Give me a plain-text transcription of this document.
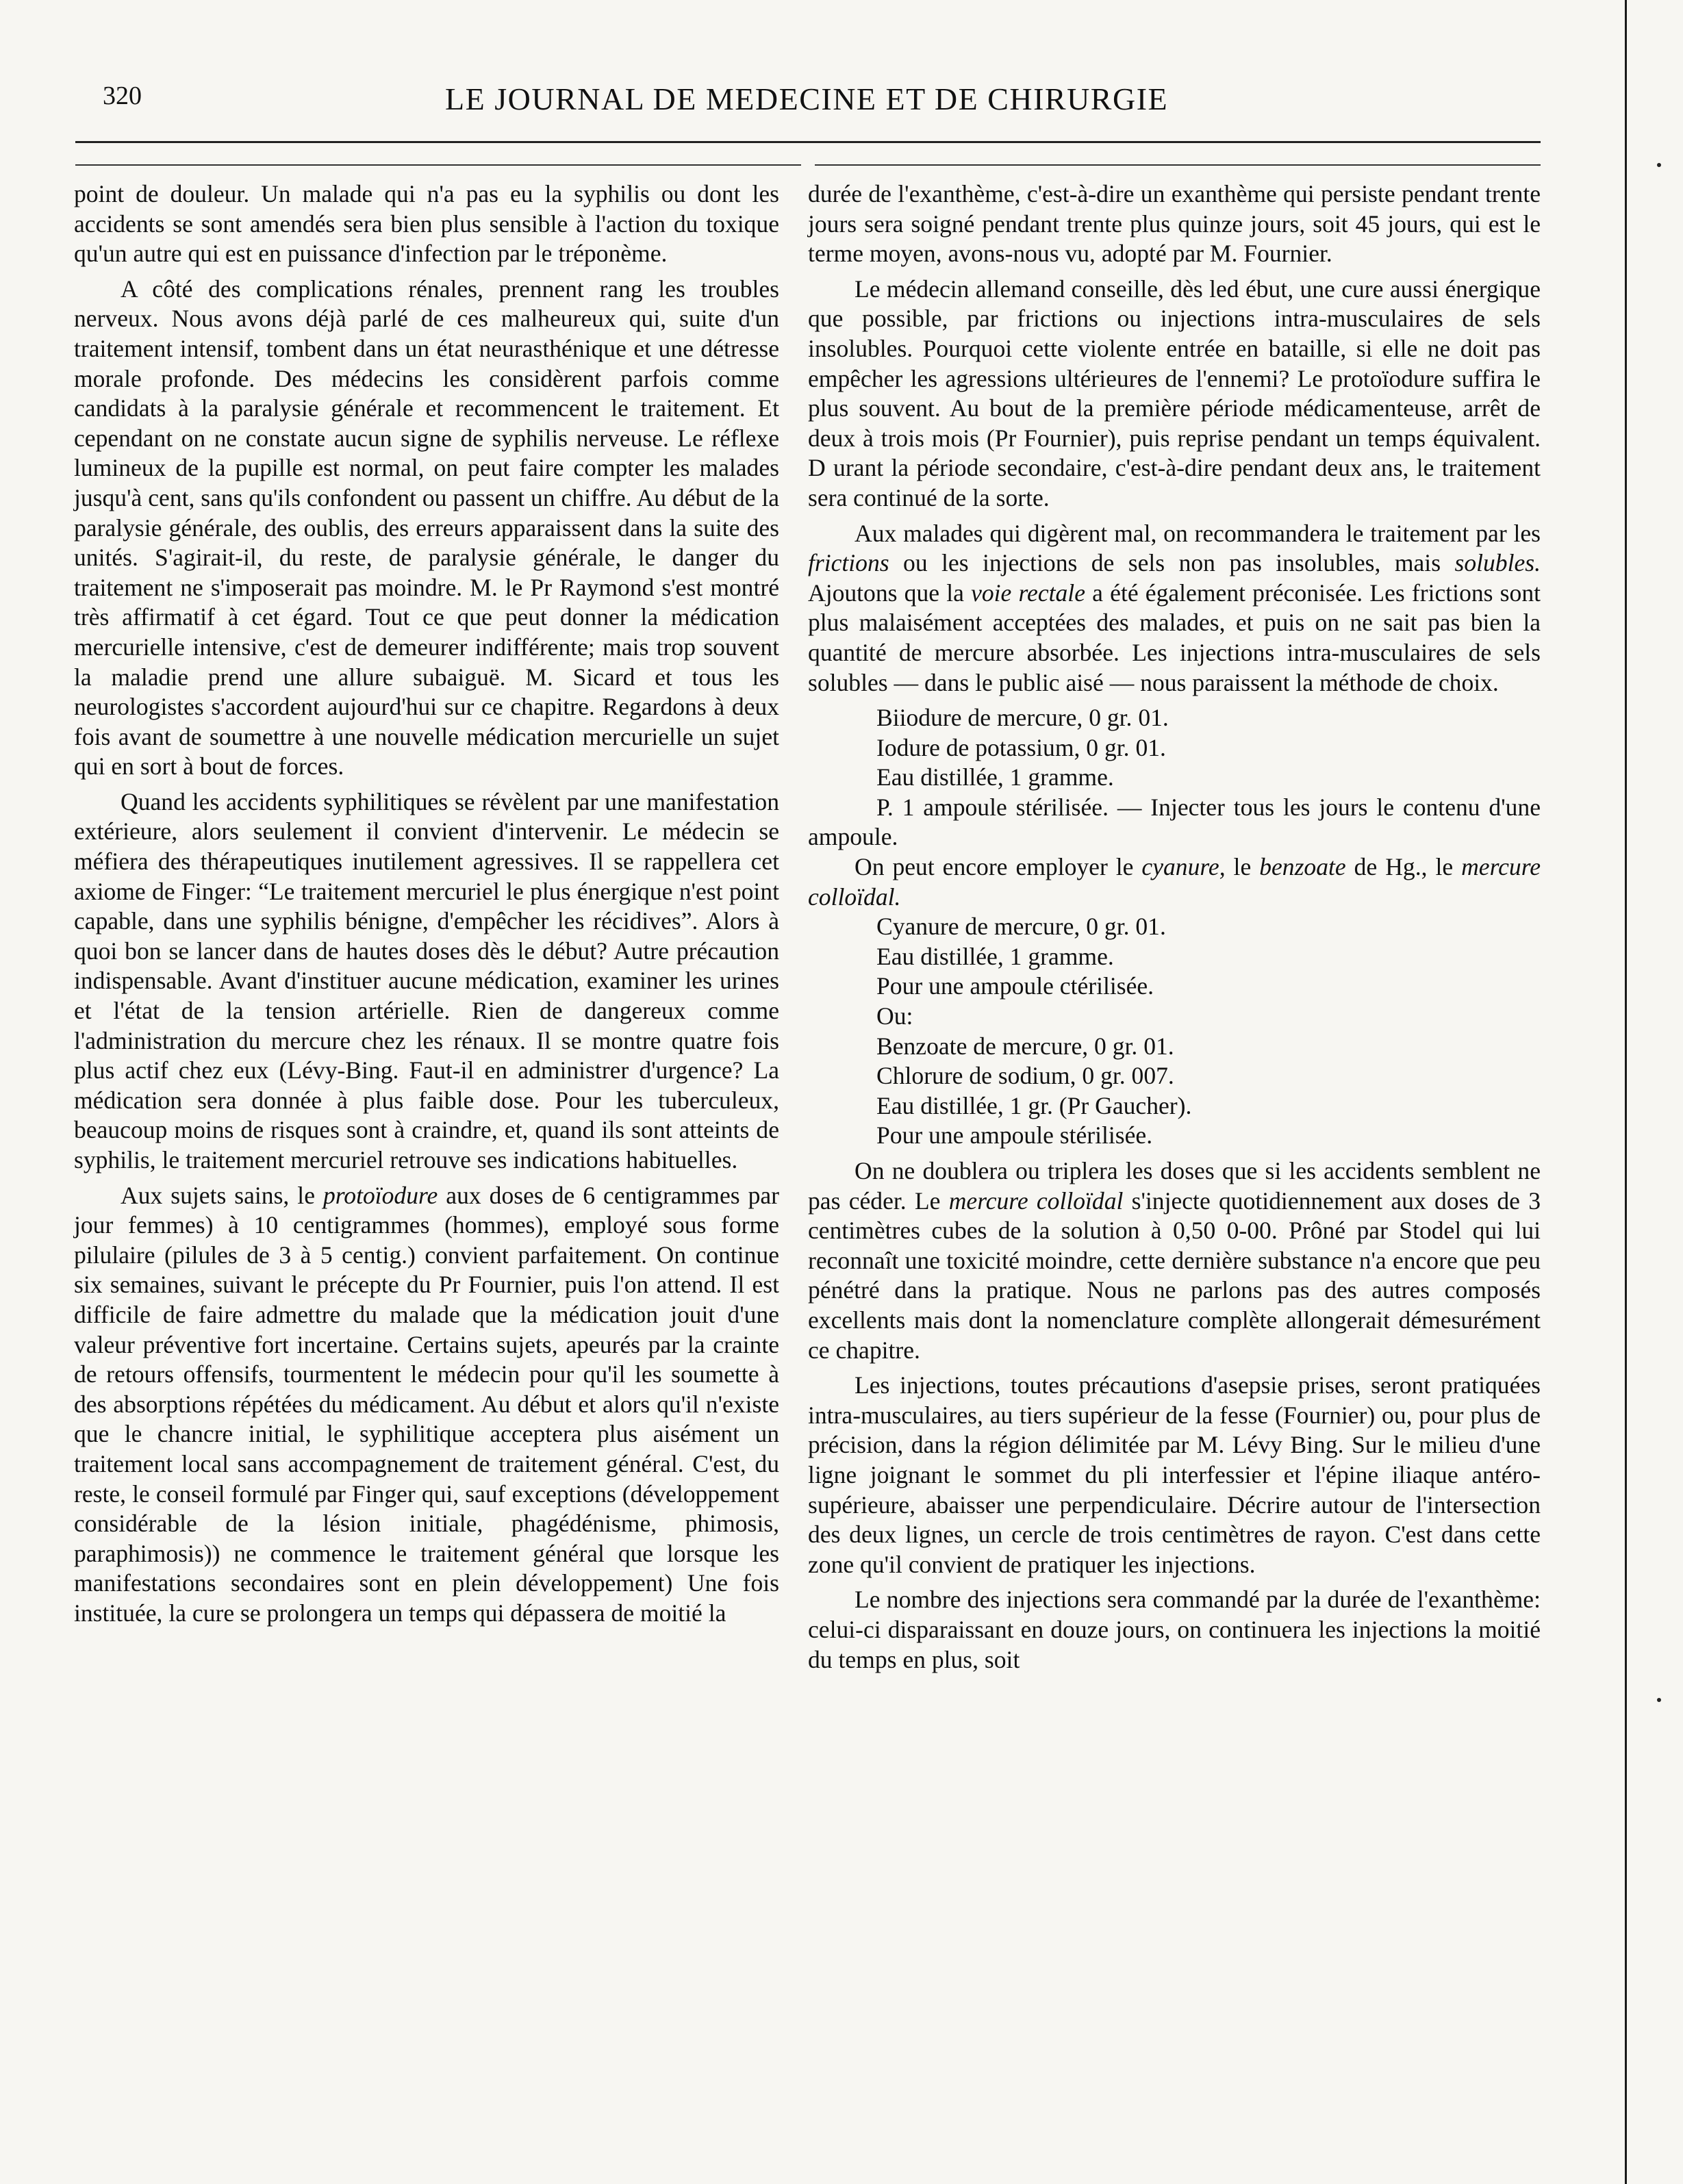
320	LE JOURNAL DE MEDECINE ET DE CHIRURGIE

point de douleur. Un malade qui n'a pas eu la syphilis ou dont les accidents se sont amendés sera bien plus sensible à l'action du toxique qu'un autre qui est en puissance d'infection par le tréponème.

A côté des complications rénales, prennent rang les troubles nerveux. Nous avons déjà parlé de ces malheureux qui, suite d'un traitement intensif, tombent dans un état neurasthénique et une détresse morale profonde. Des médecins les considèrent parfois comme candidats à la paralysie générale et recommencent le traitement. Et cependant on ne constate aucun signe de syphilis nerveuse. Le réflexe lumineux de la pupille est normal, on peut faire compter les malades jusqu'à cent, sans qu'ils confondent ou passent un chiffre. Au début de la paralysie générale, des oublis, des erreurs apparaissent dans la suite des unités. S'agirait-il, du reste, de paralysie générale, le danger du traitement ne s'imposerait pas moindre. M. le Pr Raymond s'est montré très affirmatif à cet égard. Tout ce que peut donner la médication mercurielle intensive, c'est de demeurer indifférente; mais trop souvent la maladie prend une allure subaiguë. M. Sicard et tous les neurologistes s'accordent aujourd'hui sur ce chapitre. Regardons à deux fois avant de soumettre à une nouvelle médication mercurielle un sujet qui en sort à bout de forces.

Quand les accidents syphilitiques se révèlent par une manifestation extérieure, alors seulement il convient d'intervenir. Le médecin se méfiera des thérapeutiques inutilement agressives. Il se rappellera cet axiome de Finger: “Le traitement mercuriel le plus énergique n'est point capable, dans une syphilis bénigne, d'empêcher les récidives”. Alors à quoi bon se lancer dans de hautes doses dès le début? Autre précaution indispensable. Avant d'instituer aucune médication, examiner les urines et l'état de la tension artérielle. Rien de dangereux comme l'administration du mercure chez les rénaux. Il se montre quatre fois plus actif chez eux (Lévy-Bing. Faut-il en administrer d'urgence? La médication sera donnée à plus faible dose. Pour les tuberculeux, beaucoup moins de risques sont à craindre, et, quand ils sont atteints de syphilis, le traitement mercuriel retrouve ses indications habituelles.

Aux sujets sains, le protoïodure aux doses de 6 centigrammes par jour femmes) à 10 centigrammes (hommes), employé sous forme pilulaire (pilules de 3 à 5 centig.) convient parfaitement. On continue six semaines, suivant le précepte du Pr Fournier, puis l'on attend. Il est difficile de faire admettre du malade que la médication jouit d'une valeur préventive fort incertaine. Certains sujets, apeurés par la crainte de retours offensifs, tourmentent le médecin pour qu'il les soumette à des absorptions répétées du médicament. Au début et alors qu'il n'existe que le chancre initial, le syphilitique acceptera plus aisément un traitement local sans accompagnement de traitement général. C'est, du reste, le conseil formulé par Finger qui, sauf exceptions (développement considérable de la lésion initiale, phagédénisme, phimosis, paraphimosis)) ne commence le traitement général que lorsque les manifestations secondaires sont en plein développement) Une fois instituée, la cure se prolongera un temps qui dépassera de moitié la

durée de l'exanthème, c'est-à-dire un exanthème qui persiste pendant trente jours sera soigné pendant trente plus quinze jours, soit 45 jours, qui est le terme moyen, avons-nous vu, adopté par M. Fournier.

Le médecin allemand conseille, dès led ébut, une cure aussi énergique que possible, par frictions ou injections intra-musculaires de sels insolubles. Pourquoi cette violente entrée en bataille, si elle ne doit pas empêcher les agressions ultérieures de l'ennemi? Le protoïodure suffira le plus souvent. Au bout de la première période médicamenteuse, arrêt de deux à trois mois (Pr Fournier), puis reprise pendant un temps équivalent. D urant la période secondaire, c'est-à-dire pendant deux ans, le traitement sera continué de la sorte.

Aux malades qui digèrent mal, on recommandera le traitement par les frictions ou les injections de sels non pas insolubles, mais solubles. Ajoutons que la voie rectale a été également préconisée. Les frictions sont plus malaisément acceptées des malades, et puis on ne sait pas bien la quantité de mercure absorbée. Les injections intra-musculaires de sels solubles — dans le public aisé — nous paraissent la méthode de choix.

Biiodure de mercure, 0 gr. 01.

Iodure de potassium, 0 gr. 01.

Eau distillée, 1 gramme.

P. 1 ampoule stérilisée. — Injecter tous les jours le contenu d'une ampoule.

On peut encore employer le cyanure, le benzoate de Hg., le mercure colloïdal.

Cyanure de mercure, 0 gr. 01.

Eau distillée, 1 gramme.

Pour une ampoule ctérilisée.

Ou:

Benzoate de mercure, 0 gr. 01.

Chlorure de sodium, 0 gr. 007.

Eau distillée, 1 gr. (Pr Gaucher).

Pour une ampoule stérilisée.

On ne doublera ou triplera les doses que si les accidents semblent ne pas céder. Le mercure colloïdal s'injecte quotidiennement aux doses de 3 centimètres cubes de la solution à 0,50 0-00. Prôné par Stodel qui lui reconnaît une toxicité moindre, cette dernière substance n'a encore que peu pénétré dans la pratique. Nous ne parlons pas des autres composés excellents mais dont la nomenclature complète allongerait démesurément ce chapitre.

Les injections, toutes précautions d'asepsie prises, seront pratiquées intra-musculaires, au tiers supérieur de la fesse (Fournier) ou, pour plus de précision, dans la région délimitée par M. Lévy Bing. Sur le milieu d'une ligne joignant le sommet du pli interfessier et l'épine iliaque antéro-supérieure, abaisser une perpendiculaire. Décrire autour de l'intersection des deux lignes, un cercle de trois centimètres de rayon. C'est dans cette zone qu'il convient de pratiquer les injections.

Le nombre des injections sera commandé par la durée de l'exanthème: celui-ci disparaissant en douze jours, on continuera les injections la moitié du temps en plus, soit
